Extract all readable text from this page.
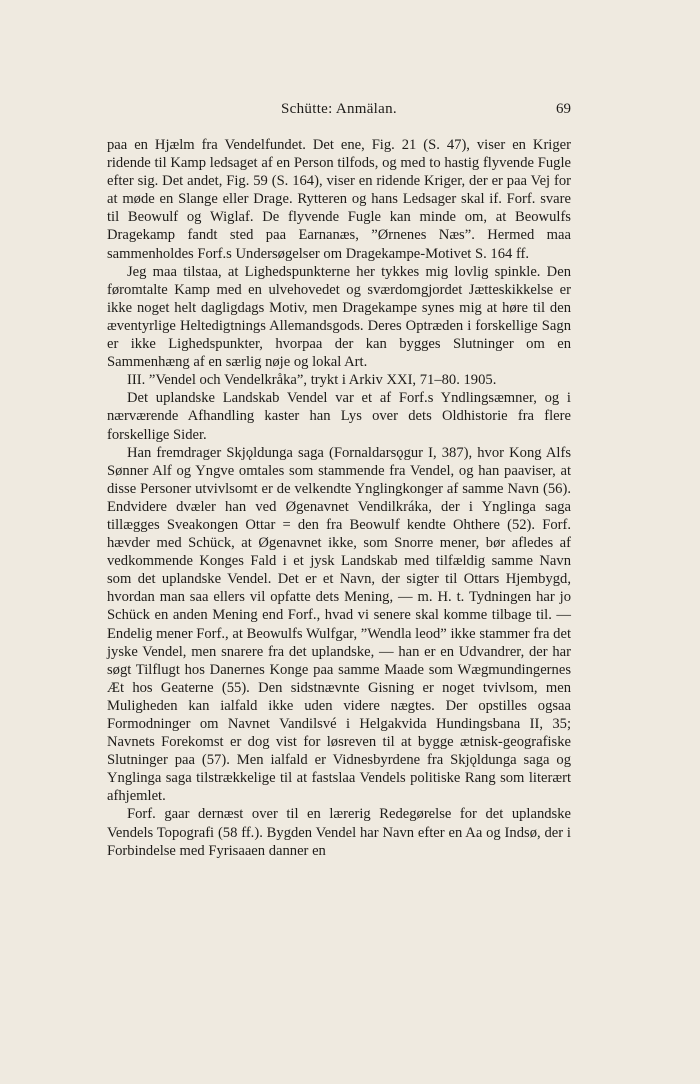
Schütte: Anmälan.	69

paa en Hjælm fra Vendelfundet. Det ene, Fig. 21 (S. 47), viser en Kriger ridende til Kamp ledsaget af en Person tilfods, og med to hastig flyvende Fugle efter sig. Det andet, Fig. 59 (S. 164), viser en ridende Kriger, der er paa Vej for at møde en Slange eller Drage. Rytteren og hans Ledsager skal if. Forf. svare til Beowulf og Wiglaf. De flyvende Fugle kan minde om, at Beowulfs Dragekamp fandt sted paa Earnanæs, ”Ørnenes Næs”. Hermed maa sammenholdes Forf.s Undersøgelser om Dragekampe-Motivet S. 164 ff.

Jeg maa tilstaa, at Lighedspunkterne her tykkes mig lovlig spinkle. Den føromtalte Kamp med en ulvehovedet og sværdomgjordet Jætteskikkelse er ikke noget helt dagligdags Motiv, men Dragekampe synes mig at høre til den æventyrlige Heltedigtnings Allemandsgods. Deres Optræden i forskellige Sagn er ikke Lighedspunkter, hvorpaa der kan bygges Slutninger om en Sammenhæng af en særlig nøje og lokal Art.

III. ”Vendel och Vendelkråka”, trykt i Arkiv XXI, 71–80. 1905.

Det uplandske Landskab Vendel var et af Forf.s Yndlingsæmner, og i nærværende Afhandling kaster han Lys over dets Oldhistorie fra flere forskellige Sider.

Han fremdrager Skjǫldunga saga (Fornaldarsǫgur I, 387), hvor Kong Alfs Sønner Alf og Yngve omtales som stammende fra Vendel, og han paaviser, at disse Personer utvivlsomt er de velkendte Ynglingkonger af samme Navn (56). Endvidere dvæler han ved Øgenavnet Vendilkráka, der i Ynglinga saga tillægges Sveakongen Ottar = den fra Beowulf kendte Ohthere (52). Forf. hævder med Schück, at Øgenavnet ikke, som Snorre mener, bør afledes af vedkommende Konges Fald i et jysk Landskab med tilfældig samme Navn som det uplandske Vendel. Det er et Navn, der sigter til Ottars Hjembygd, hvordan man saa ellers vil opfatte dets Mening, — m. H. t. Tydningen har jo Schück en anden Mening end Forf., hvad vi senere skal komme tilbage til. — Endelig mener Forf., at Beowulfs Wulfgar, ”Wendla leod” ikke stammer fra det jyske Vendel, men snarere fra det uplandske, — han er en Udvandrer, der har søgt Tilflugt hos Danernes Konge paa samme Maade som Wægmundingernes Æt hos Geaterne (55). Den sidstnævnte Gisning er noget tvivlsom, men Muligheden kan ialfald ikke uden videre nægtes. Der opstilles ogsaa Formodninger om Navnet Vandilsvé i Helgakvida Hundingsbana II, 35; Navnets Forekomst er dog vist for løsreven til at bygge ætnisk-geografiske Slutninger paa (57). Men ialfald er Vidnesbyrdene fra Skjǫldunga saga og Ynglinga saga tilstrækkelige til at fastslaa Vendels politiske Rang som literært afhjemlet.

Forf. gaar dernæst over til en lærerig Redegørelse for det uplandske Vendels Topografi (58 ff.). Bygden Vendel har Navn efter en Aa og Indsø, der i Forbindelse med Fyrisaaen danner en
